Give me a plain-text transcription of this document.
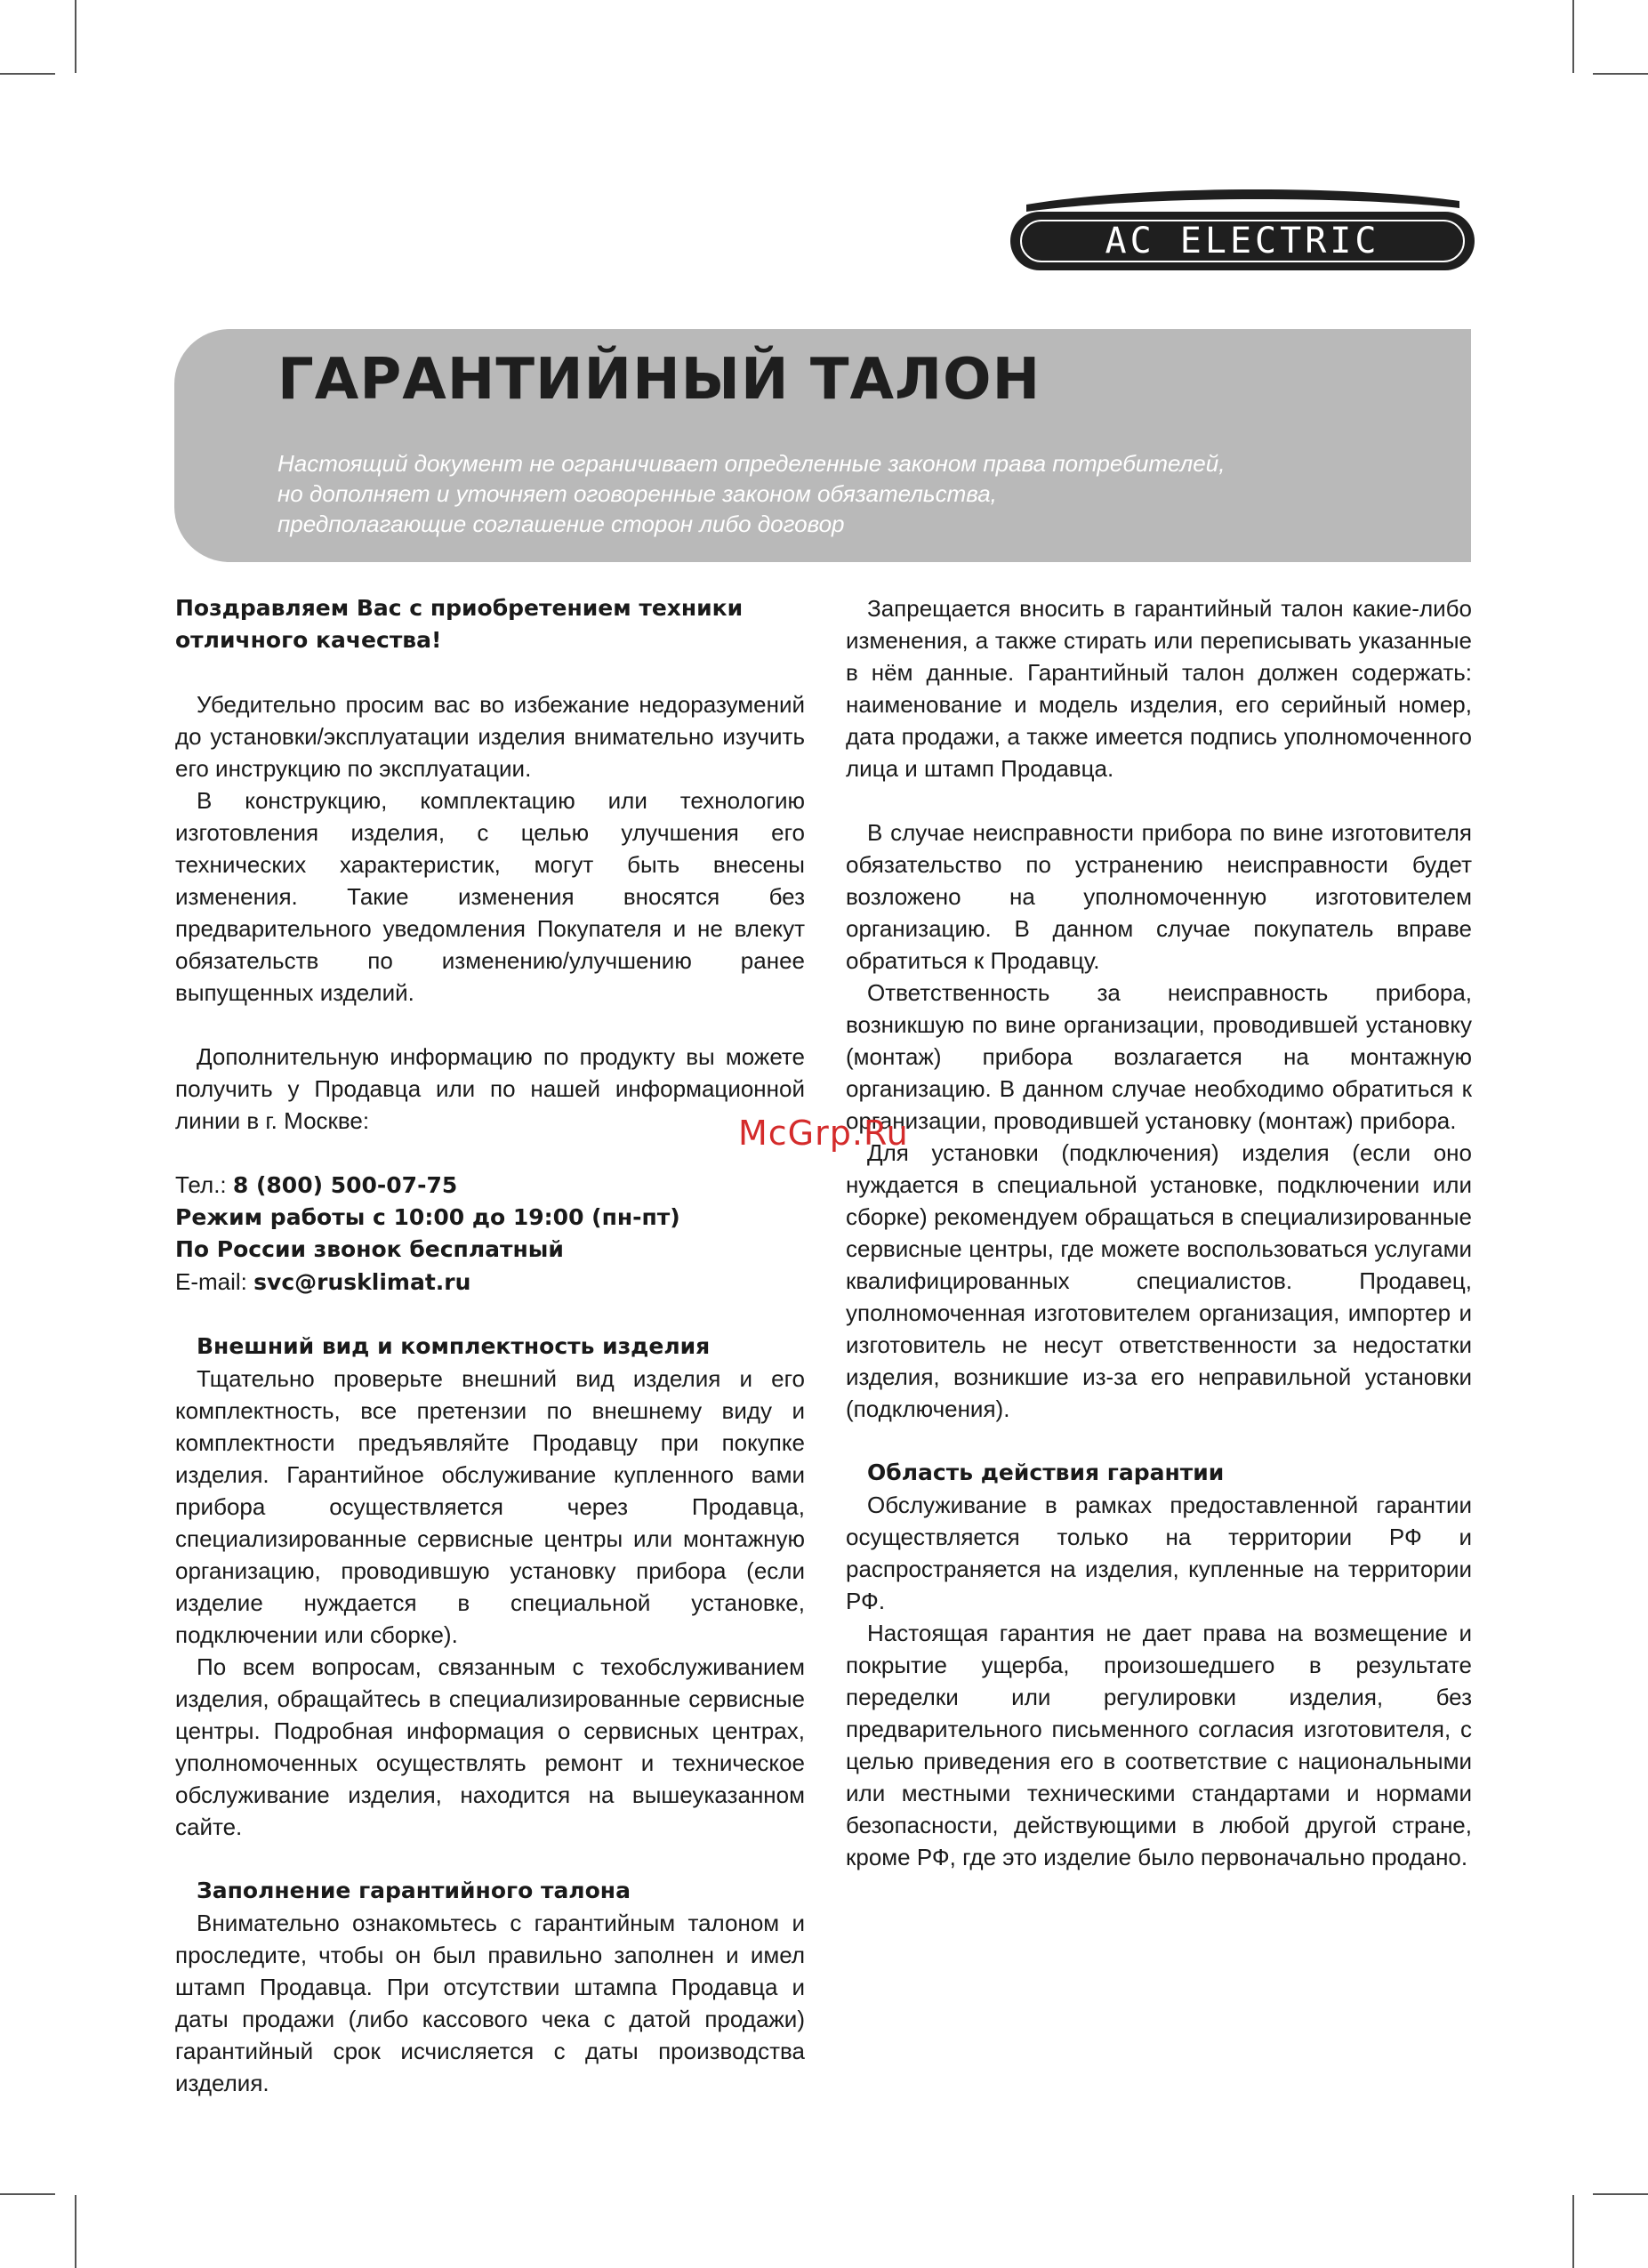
AC ELECTRIC
ГАРАНТИЙНЫЙ ТАЛОН
Настоящий документ не ограничивает определенные законом права потребителей,
но дополняет и уточняет оговоренные законом обязательства,
предполагающие соглашение сторон либо договор

Поздравляем Вас с приобретением техники отличного качества!

Убедительно просим вас во избежание недоразумений до установки/эксплуатации изделия внимательно изучить его инструкцию по эксплуатации.

В конструкцию, комплектацию или технологию изготовления изделия, с целью улучшения его технических характеристик, могут быть внесены изменения. Такие изменения вносятся без предварительного уведомления Покупателя и не влекут обязательств по изменению/улучшению ранее выпущенных изделий.

Дополнительную информацию по продукту вы можете получить у Продавца или по нашей информационной линии в г. Москве:

Тел.: 8 (800) 500-07-75

Режим работы с 10:00 до 19:00 (пн-пт)

По России звонок бесплатный

E-mail: svc@rusklimat.ru

Внешний вид и комплектность изделия

Тщательно проверьте внешний вид изделия и его комплектность, все претензии по внешнему виду и комплектности предъявляйте Продавцу при покупке изделия. Гарантийное обслуживание купленного вами прибора осуществляется через Продавца, специализированные сервисные центры или монтажную организацию, проводившую установку прибора (если изделие нуждается в специальной установке, подключении или сборке).

По всем вопросам, связанным с техобслуживанием изделия, обращайтесь в специализированные сервисные центры. Подробная информация о сервисных центрах, уполномоченных осуществлять ремонт и техническое обслуживание изделия, находится на вышеуказанном сайте.

Заполнение гарантийного талона

Внимательно ознакомьтесь с гарантийным талоном и проследите, чтобы он был правильно заполнен и имел штамп Продавца. При отсутствии штампа Продавца и даты продажи (либо кассового чека с датой продажи) гарантийный срок исчисляется с даты производства изделия.

Запрещается вносить в гарантийный талон какие-либо изменения, а также стирать или переписывать указанные в нём данные. Гарантийный талон должен содержать: наименование и модель изделия, его серийный номер, дата продажи, а также имеется подпись уполномоченного лица и штамп Продавца.

В случае неисправности прибора по вине изготовителя обязательство по устранению неисправности будет возложено на уполномоченную изготовителем организацию. В данном случае покупатель вправе обратиться к Продавцу.

Ответственность за неисправность прибора, возникшую по вине организации, проводившей установку (монтаж) прибора возлагается на монтажную организацию. В данном случае необходимо обратиться к организации, проводившей установку (монтаж) прибора.

Для установки (подключения) изделия (если оно нуждается в специальной установке, подключении или сборке) рекомендуем обращаться в специализированные сервисные центры, где можете воспользоваться услугами квалифицированных специалистов. Продавец, уполномоченная изготовителем организация, импортер и изготовитель не несут ответственности за недостатки изделия, возникшие из-за его неправильной установки (подключения).

Область действия гарантии

Обслуживание в рамках предоставленной гарантии осуществляется только на территории РФ и распространяется на изделия, купленные на территории РФ.

Настоящая гарантия не дает права на возмещение и покрытие ущерба, произошедшего в результате переделки или регулировки изделия, без предварительного письменного согласия изготовителя, с целью приведения его в соответствие с национальными или местными техническими стандартами и нормами безопасности, действующими в любой другой стране, кроме РФ, где это изделие было первоначально продано.

McGrp.Ru
